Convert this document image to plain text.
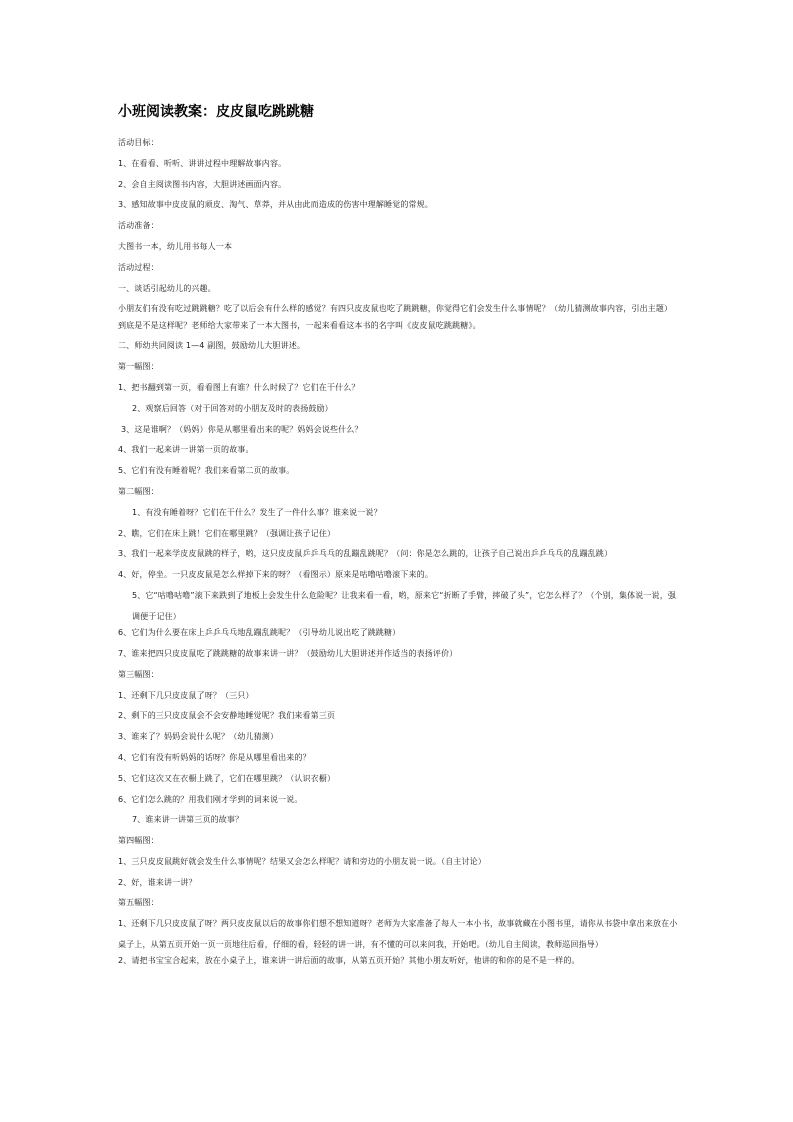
小班阅读教案：皮皮鼠吃跳跳糖

活动目标：

1、在看看、听听、讲讲过程中理解故事内容。

2、会自主阅读图书内容，大胆讲述画面内容。

3、感知故事中皮皮鼠的顽皮、淘气、草莽，并从由此而造成的伤害中理解睡觉的常规。

活动准备：

大图书一本，幼儿用书每人一本

活动过程：

一、谈话引起幼儿的兴趣。

小朋友们有没有吃过跳跳糖？吃了以后会有什么样的感觉？有四只皮皮鼠也吃了跳跳糖，你觉得它们会发生什么事情呢？（幼儿猜测故事内容，引出主题）

到底是不是这样呢？老师给大家带来了一本大图书，一起来看看这本书的名字叫《皮皮鼠吃跳跳糖》。

二、师幼共同阅读 1—4 副图，鼓励幼儿大胆讲述。

第一幅图：

1、把书翻到第一页，看看图上有谁？什么时候了？它们在干什么？

2、观察后回答（对于回答对的小朋友及时的表扬鼓励）

3、这是谁啊？（妈妈）你是从哪里看出来的呢？妈妈会说些什么？

4、我们一起来讲一讲第一页的故事。

5、它们有没有睡着呢？我们来看第二页的故事。

第二幅图：

1、有没有睡着呀？它们在干什么？发生了一件什么事？谁来说一说？

2、瞧，它们在床上跳！它们在哪里跳？（强调让孩子记住）

3、我们一起来学皮皮鼠跳的样子，哟，这只皮皮鼠乒乒乓乓的乱蹦乱跳呢？（问：你是怎么跳的，让孩子自己说出乒乒乓乓的乱蹦乱跳）

4、好，停坐。一只皮皮鼠是怎么样掉下来的呀？（看图示）原来是咕噜咕噜滚下来的。

5、它“咕噜咕噜”滚下来跌到了地板上会发生什么危险呢？让我来看一看，哟，原来它“折断了手臂，摔破了头”，它怎么样了？（个别，集体说一说，强调便于记住）

6、它们为什么要在床上乒乒乓乓地乱蹦乱跳呢？（引导幼儿说出吃了跳跳糖）

7、谁来把四只皮皮鼠吃了跳跳糖的故事来讲一讲？（鼓励幼儿大胆讲述并作适当的表扬评价）

第三幅图：

1、还剩下几只皮皮鼠了呀？（三只）

2、剩下的三只皮皮鼠会不会安静地睡觉呢？我们来看第三页

3、谁来了？妈妈会说什么呢？（幼儿猜测）

4、它们有没有听妈妈的话呀？你是从哪里看出来的？

5、它们这次又在衣橱上跳了，它们在哪里跳？（认识衣橱）

6、它们怎么跳的？用我们刚才学到的词来说一说。

7、谁来讲一讲第三页的故事？

第四幅图：

1、三只皮皮鼠跳好就会发生什么事情呢？结果又会怎么样呢？请和旁边的小朋友说一说。（自主讨论）

2、好，谁来讲一讲？

第五幅图：

1、还剩下几只皮皮鼠了呀？两只皮皮鼠以后的故事你们想不想知道呀？老师为大家准备了每人一本小书，故事就藏在小图书里，请你从书袋中拿出来放在小桌子上，从第五页开始一页一页地往后看，仔细的看，轻轻的讲一讲，有不懂的可以来问我，开始吧。（幼儿自主阅读，教师巡回指导）

2、请把书宝宝合起来，放在小桌子上，谁来讲一讲后面的故事，从第五页开始？其他小朋友听好，他讲的和你的是不是一样的。
